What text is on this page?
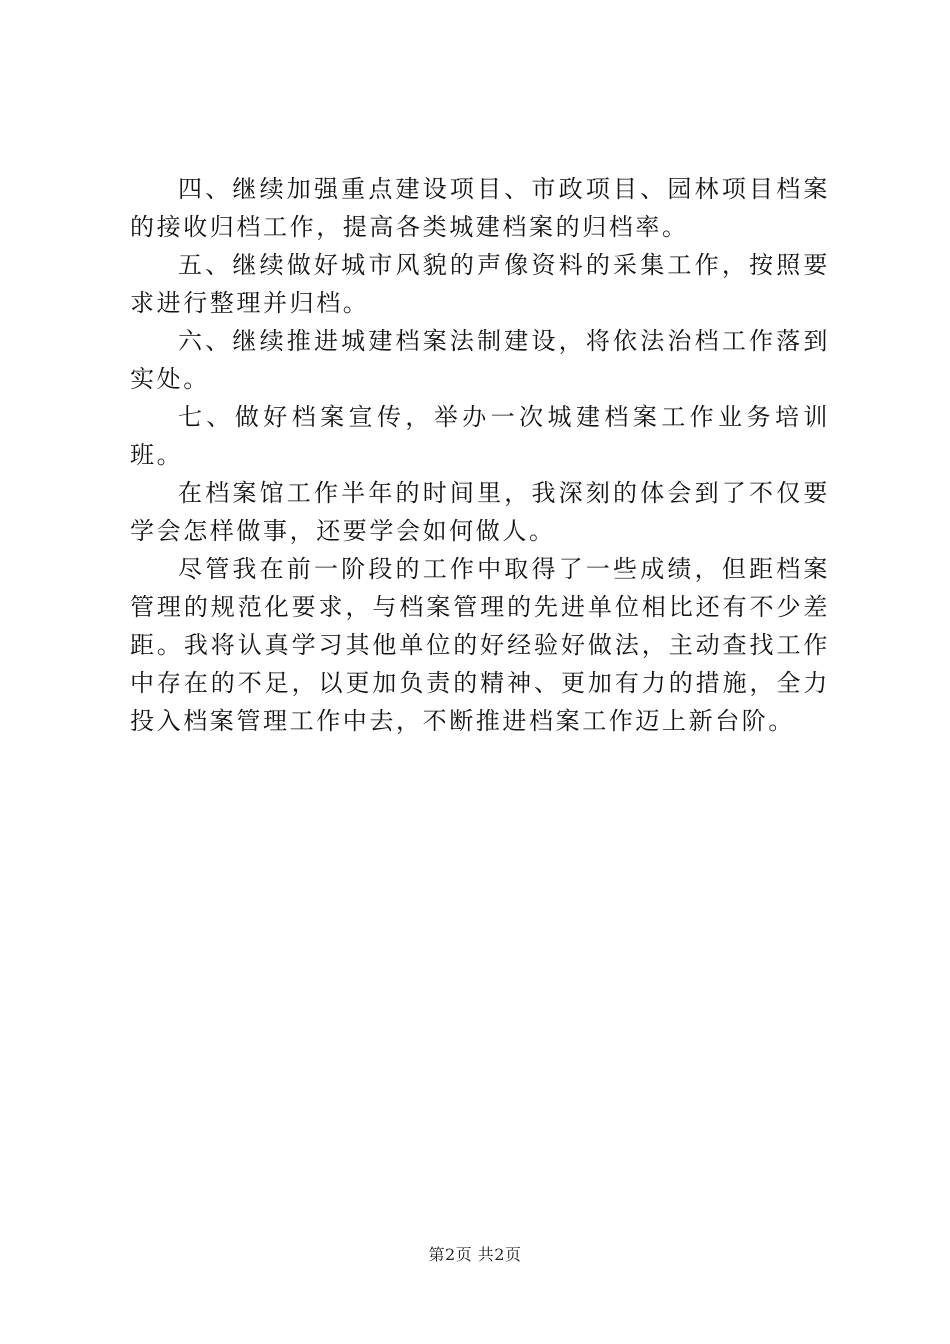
四、继续加强重点建设项目、市政项目、园林项目档案的接收归档工作，提高各类城建档案的归档率。

五、继续做好城市风貌的声像资料的采集工作，按照要求进行整理并归档。

六、继续推进城建档案法制建设，将依法治档工作落到实处。

七、做好档案宣传，举办一次城建档案工作业务培训班。

在档案馆工作半年的时间里，我深刻的体会到了不仅要学会怎样做事，还要学会如何做人。

尽管我在前一阶段的工作中取得了一些成绩，但距档案管理的规范化要求，与档案管理的先进单位相比还有不少差距。我将认真学习其他单位的好经验好做法，主动查找工作中存在的不足，以更加负责的精神、更加有力的措施，全力投入档案管理工作中去，不断推进档案工作迈上新台阶。

第2页 共2页
